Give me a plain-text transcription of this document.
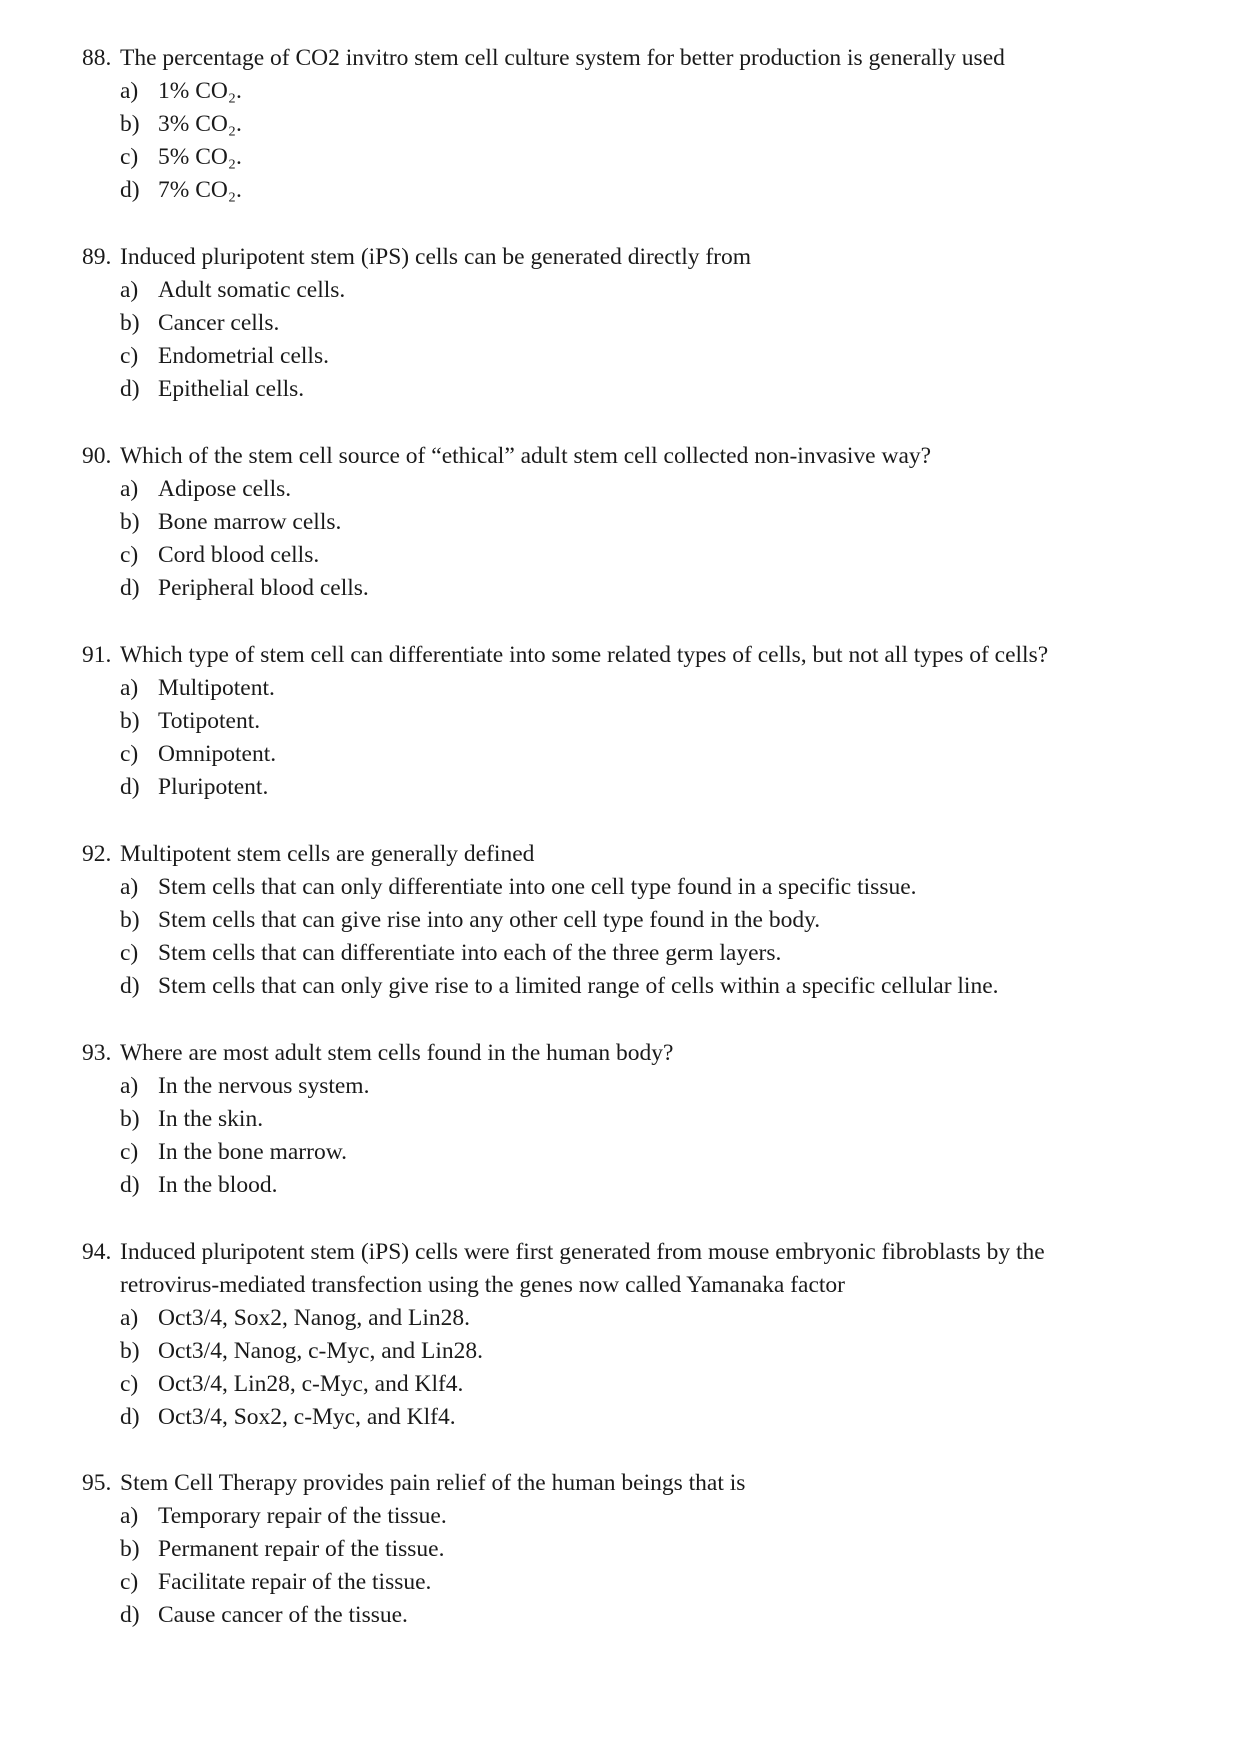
88. The percentage of CO2 invitro stem cell culture system for better production is generally used
a) 1% CO₂.
b) 3% CO₂.
c) 5% CO₂.
d) 7% CO₂.
89. Induced pluripotent stem (iPS) cells can be generated directly from
a) Adult somatic cells.
b) Cancer cells.
c) Endometrial cells.
d) Epithelial cells.
90. Which of the stem cell source of “ethical” adult stem cell collected non-invasive way?
a) Adipose cells.
b) Bone marrow cells.
c) Cord blood cells.
d) Peripheral blood cells.
91. Which type of stem cell can differentiate into some related types of cells, but not all types of cells?
a) Multipotent.
b) Totipotent.
c) Omnipotent.
d) Pluripotent.
92. Multipotent stem cells are generally defined
a) Stem cells that can only differentiate into one cell type found in a specific tissue.
b) Stem cells that can give rise into any other cell type found in the body.
c) Stem cells that can differentiate into each of the three germ layers.
d) Stem cells that can only give rise to a limited range of cells within a specific cellular line.
93. Where are most adult stem cells found in the human body?
a) In the nervous system.
b) In the skin.
c) In the bone marrow.
d) In the blood.
94. Induced pluripotent stem (iPS) cells were first generated from mouse embryonic fibroblasts by the
retrovirus-mediated transfection using the genes now called Yamanaka factor
a) Oct3/4, Sox2, Nanog, and Lin28.
b) Oct3/4, Nanog, c-Myc, and Lin28.
c) Oct3/4, Lin28, c-Myc, and Klf4.
d) Oct3/4, Sox2, c-Myc, and Klf4.
95. Stem Cell Therapy provides pain relief of the human beings that is
a) Temporary repair of the tissue.
b) Permanent repair of the tissue.
c) Facilitate repair of the tissue.
d) Cause cancer of the tissue.
